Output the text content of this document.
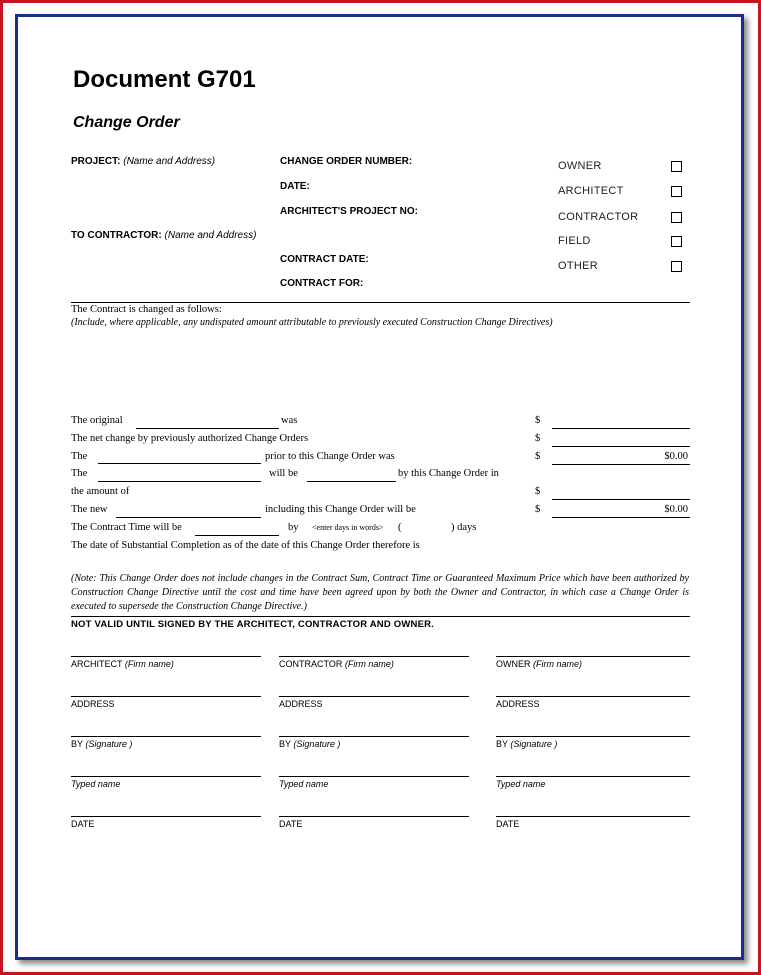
Document G701
Change Order
PROJECT: (Name and Address)
TO CONTRACTOR: (Name and Address)
CHANGE ORDER NUMBER:
DATE:
ARCHITECT'S PROJECT NO:
CONTRACT DATE:
CONTRACT FOR:
OWNER
ARCHITECT
CONTRACTOR
FIELD
OTHER
The Contract is changed as follows:
(Include, where applicable, any undisputed amount attributable to previously executed Construction Change Directives)
The original	was	$
The net change by previously authorized Change Orders	$
The	prior to this Change Order was	$	$0.00
The	will be	by this Change Order in
the amount of	$
The new	including this Change Order will be	$	$0.00
The Contract Time will be	by <enter days in words> (	) days
The date of Substantial Completion as of the date of this Change Order therefore is
(Note: This Change Order does not include changes in the Contract Sum, Contract Time or Guaranteed Maximum Price which have been authorized by Construction Change Directive until the cost and time have been agreed upon by both the Owner and Contractor, in which case a Change Order is executed to supersede the Construction Change Directive.)
NOT VALID UNTIL SIGNED BY THE ARCHITECT, CONTRACTOR AND OWNER.
ARCHITECT (Firm name)
ADDRESS
BY (Signature )
Typed name
DATE
CONTRACTOR (Firm name)
ADDRESS
BY (Signature )
Typed name
DATE
OWNER (Firm name)
ADDRESS
BY (Signature )
Typed name
DATE
